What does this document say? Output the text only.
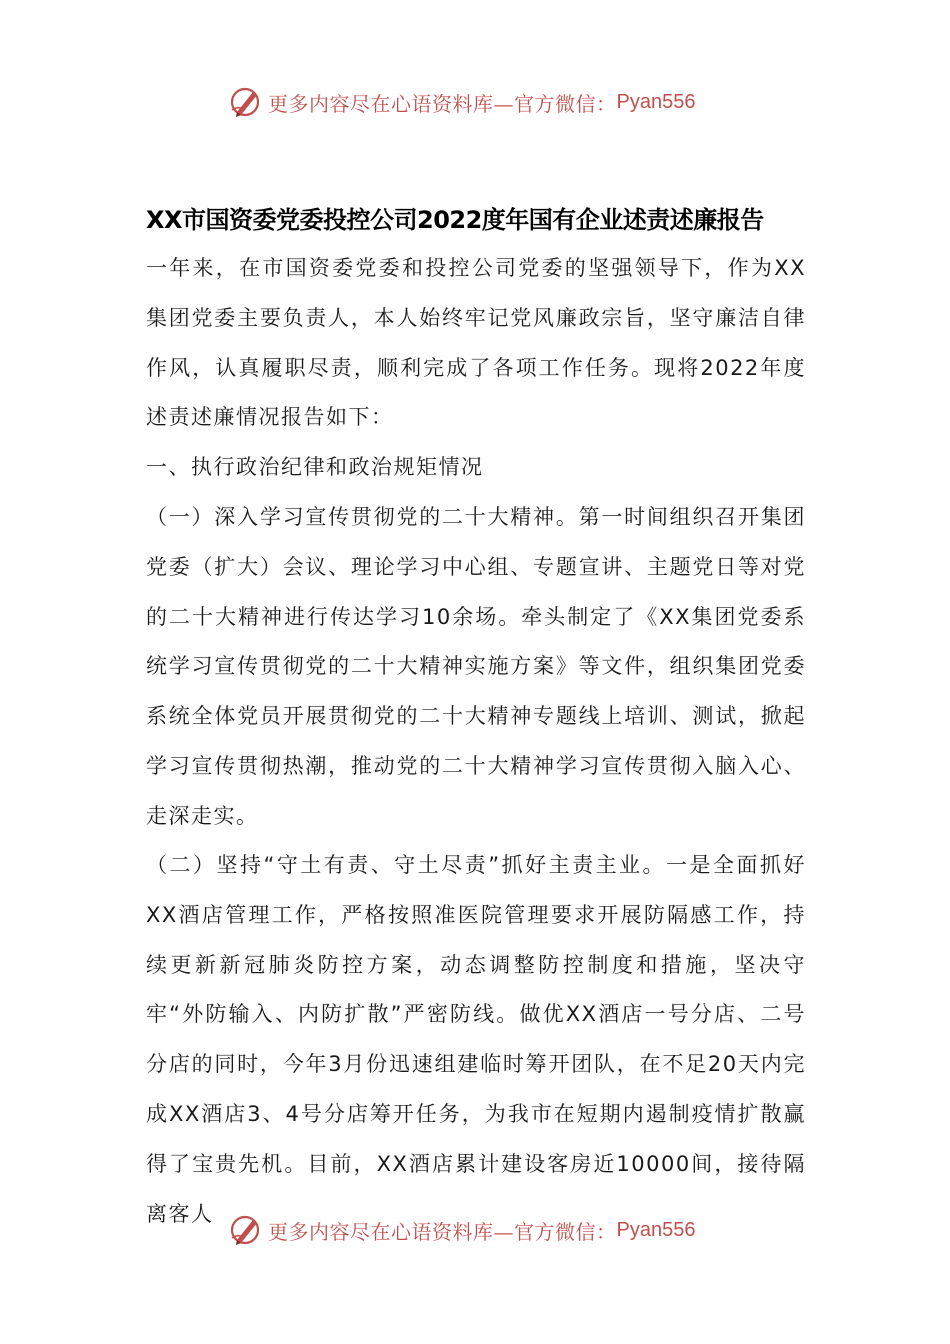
更多内容尽在心语资料库—官方微信： Pyan556
XX市国资委党委投控公司2022度年国有企业述责述廉报告

一年来，在市国资委党委和投控公司党委的坚强领导下，作为XX集团党委主要负责人，本人始终牢记党风廉政宗旨，坚守廉洁自律作风，认真履职尽责，顺利完成了各项工作任务。现将2022年度述责述廉情况报告如下：

一、执行政治纪律和政治规矩情况

（一）深入学习宣传贯彻党的二十大精神。第一时间组织召开集团党委（扩大）会议、理论学习中心组、专题宣讲、主题党日等对党的二十大精神进行传达学习10余场。牵头制定了《XX集团党委系统学习宣传贯彻党的二十大精神实施方案》等文件，组织集团党委系统全体党员开展贯彻党的二十大精神专题线上培训、测试，掀起学习宣传贯彻热潮，推动党的二十大精神学习宣传贯彻入脑入心、走深走实。

（二）坚持“守土有责、守土尽责”抓好主责主业。一是全面抓好XX酒店管理工作，严格按照准医院管理要求开展防隔感工作，持续更新新冠肺炎防控方案，动态调整防控制度和措施，坚决守牢“外防输入、内防扩散”严密防线。做优XX酒店一号分店、二号分店的同时，今年3月份迅速组建临时筹开团队，在不足20天内完成XX酒店3、4号分店筹开任务，为我市在短期内遏制疫情扩散赢得了宝贵先机。目前，XX酒店累计建设客房近10000间，接待隔离客人

更多内容尽在心语资料库—官方微信： Pyan556
